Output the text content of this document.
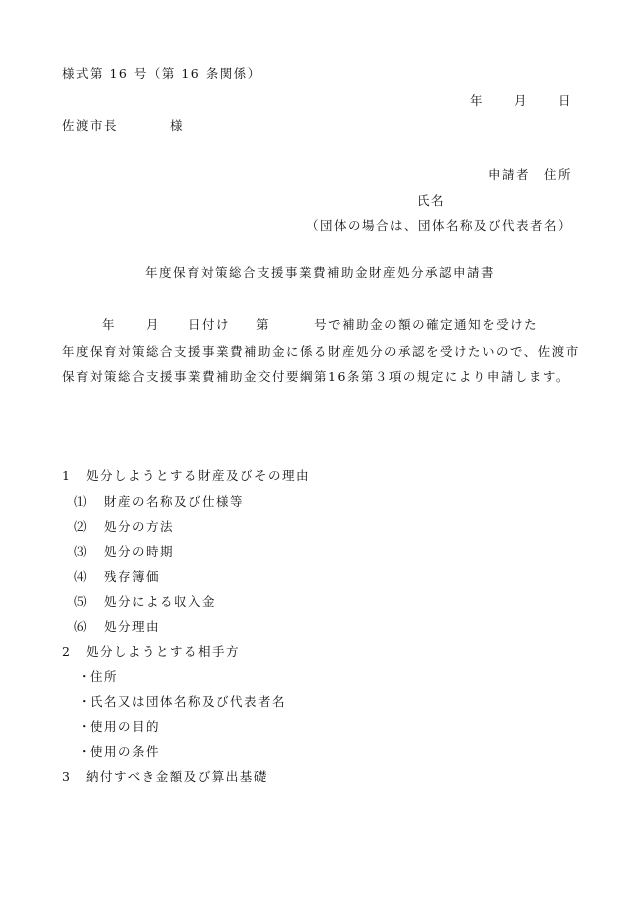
様式第 16 号（第 16 条関係）
年 月 日
佐渡市長	様
申請者 住所
氏名
（団体の場合は、団体名称及び代表者名）
年度保育対策総合支援事業費補助金財産処分承認申請書
年 月 日付け 第	号で補助金の額の確定通知を受けた
年度保育対策総合支援事業費補助金に係る財産処分の承認を受けたいので、佐渡市
保育対策総合支援事業費補助金交付要綱第16条第３項の規定により申請します。
1 処分しようとする財産及びその理由
⑴ 財産の名称及び仕様等
⑵ 処分の方法
⑶ 処分の時期
⑷ 残存簿価
⑸ 処分による収入金
⑹ 処分理由
2 処分しようとする相手方
・住所
・氏名又は団体名称及び代表者名
・使用の目的
・使用の条件
3 納付すべき金額及び算出基礎
